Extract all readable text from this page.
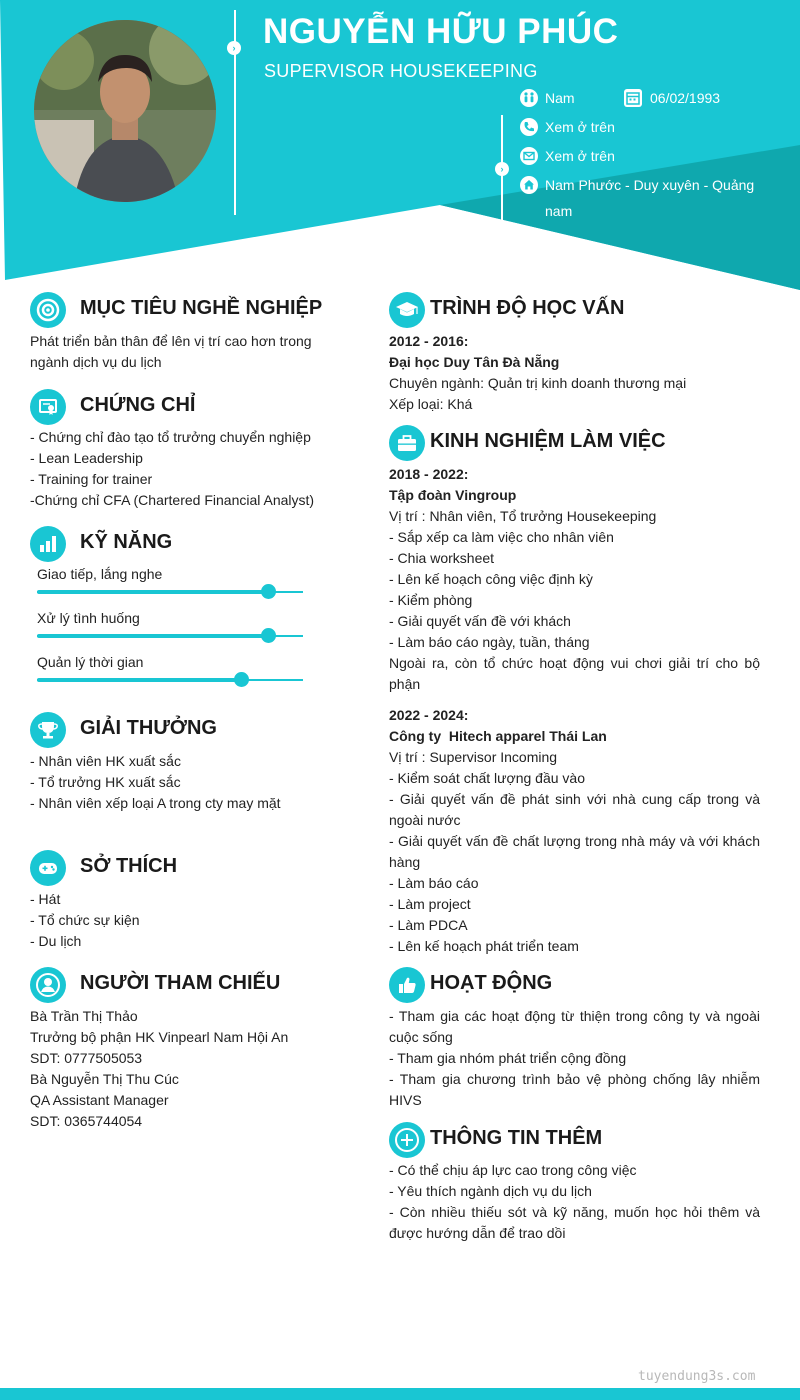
› NGUYỄN HỮU PHÚC
SUPERVISOR HOUSEKEEPING
›
Nam	06/02/1993
Xem ở trên
Xem ở trên
Nam Phước - Duy xuyên - Quảng
nam
MỤC TIÊU NGHỀ NGHIỆP
Phát triển bản thân để lên vị trí cao hơn trong
ngành dịch vụ du lịch
CHỨNG CHỈ
- Chứng chỉ đào tạo tổ trưởng chuyển nghiệp
- Lean Leadership
- Training for trainer
-Chứng chỉ CFA (Chartered Financial Analyst)
KỸ NĂNG
Giao tiếp, lắng nghe
Xử lý tình huống
Quản lý thời gian
GIẢI THƯỞNG
- Nhân viên HK xuất sắc
- Tổ trưởng HK xuất sắc
- Nhân viên xếp loại A trong cty may mặt
SỞ THÍCH
- Hát
- Tổ chức sự kiện
- Du lịch
NGƯỜI THAM CHIẾU
Bà Trần Thị Thảo
Trưởng bộ phận HK Vinpearl Nam Hội An
SDT: 0777505053
Bà Nguyễn Thị Thu Cúc
QA Assistant Manager
SDT: 0365744054
TRÌNH ĐỘ HỌC VẤN
2012 - 2016:
Đại học Duy Tân Đà Nẵng
Chuyên ngành: Quản trị kinh doanh thương mại
Xếp loại: Khá
KINH NGHIỆM LÀM VIỆC
2018 - 2022:
Tập đoàn Vingroup
Vị trí : Nhân viên, Tổ trưởng Housekeeping
- Sắp xếp ca làm việc cho nhân viên
- Chia worksheet
- Lên kế hoạch công việc định kỳ
- Kiểm phòng
- Giải quyết vấn đề với khách
- Làm báo cáo ngày, tuần, tháng
Ngoài ra, còn tổ chức hoạt động vui chơi giải trí cho bộ phận
2022 - 2024:
Công ty  Hitech apparel Thái Lan
Vị trí : Supervisor Incoming
- Kiểm soát chất lượng đầu vào
- Giải quyết vấn đề phát sinh với nhà cung cấp trong và ngoài nước
- Giải quyết vấn đề chất lượng trong nhà máy và với khách hàng
- Làm báo cáo
- Làm project
- Làm PDCA
- Lên kế hoạch phát triển team
HOẠT ĐỘNG
- Tham gia các hoạt động từ thiện trong công ty và ngoài cuộc sống
- Tham gia nhóm phát triển cộng đồng
- Tham gia chương trình bảo vệ phòng chống lây nhiễm HIVS
THÔNG TIN THÊM
- Có thể chịu áp lực cao trong công việc
- Yêu thích ngành dịch vụ du lịch
- Còn nhiều thiếu sót và kỹ năng, muốn học hỏi thêm và được hướng dẫn để trao dồi
tuyendung3s.com
